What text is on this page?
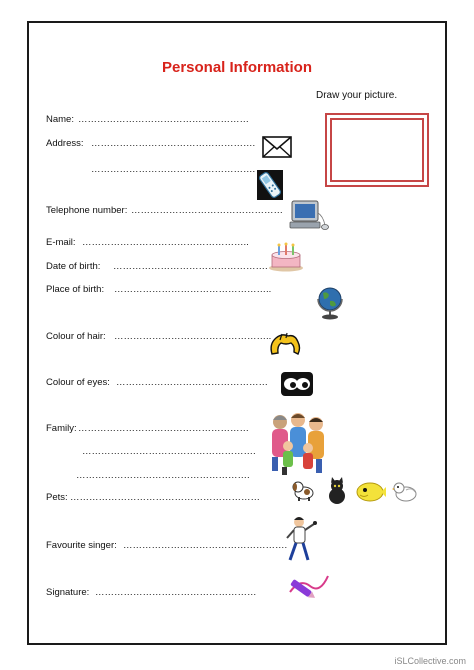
Personal Information
Draw your picture.
Name: ………………………………………………
Address: …………………………………………….
…………………………………………….
Telephone number: …………………………………………
E-mail: ……………………………………………..
Date of birth: ………………………………………….
Place of birth: …………………………………………..
Colour of hair: …………………………………………..
Colour of eyes: …………………………………………
Family: ………………………………………………
……………………………………………….
……………………………………………….
Pets: ……………………………………………………
Favourite singer: …………………………………………….
Signature: ……………………………………………
iSLCollective.com
